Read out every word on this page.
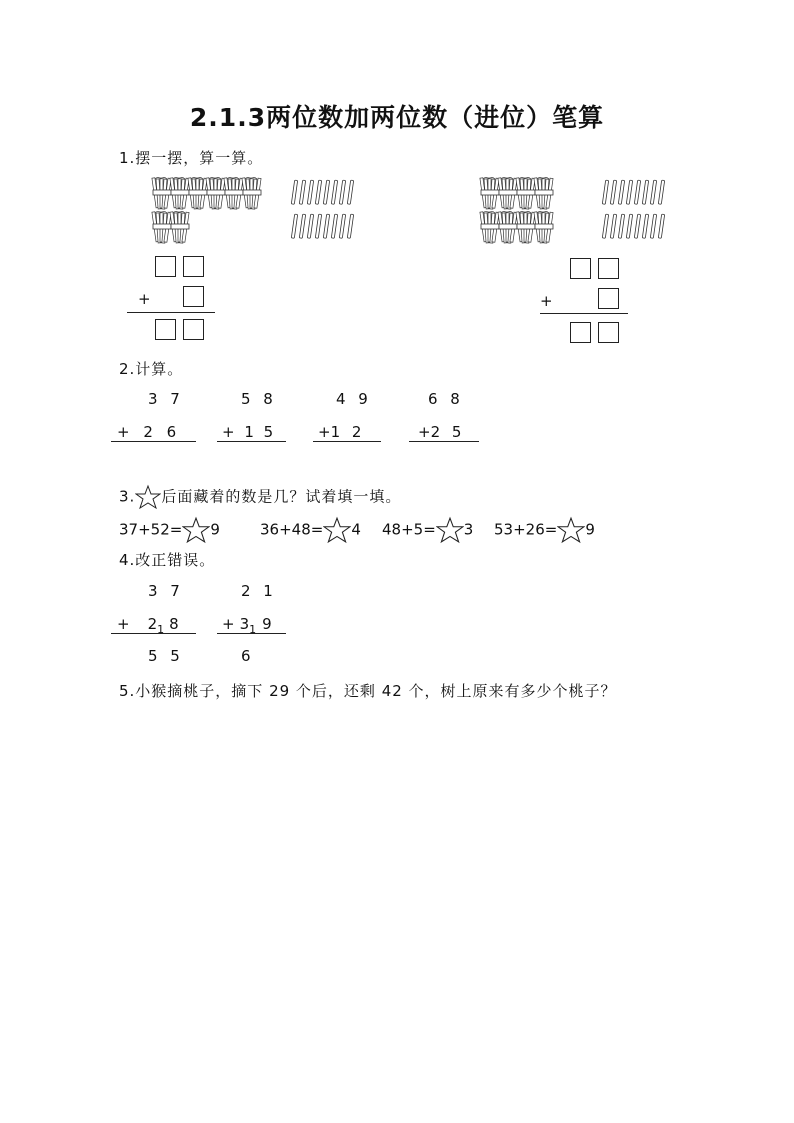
2.1.3两位数加两位数（进位）笔算
1.摆一摆，算一算。
+	+
2.计算。
3 7
+ 2 6
5 8
+ 1 5
4 9
+1 2
6 8
+2 5
3. 后面藏着的数是几？试着填一填。
37+52= 9	36+48= 4 48+5= 3 53+26= 9
4.改正错误。
3 7
+ $2_1$ 8
5 5
2 1
+ $3_1$ 9
6
5.小猴摘桃子，摘下 29 个后，还剩 42 个，树上原来有多少个桃子？
